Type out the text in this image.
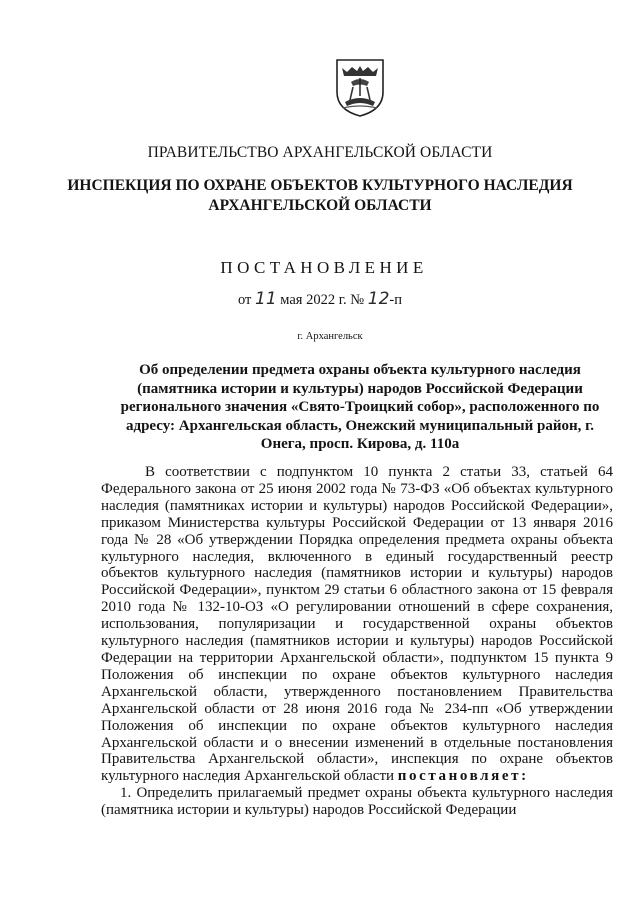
ПРАВИТЕЛЬСТВО АРХАНГЕЛЬСКОЙ ОБЛАСТИ
ИНСПЕКЦИЯ ПО ОХРАНЕ ОБЪЕКТОВ КУЛЬТУРНОГО НАСЛЕДИЯ
АРХАНГЕЛЬСКОЙ ОБЛАСТИ
ПОСТАНОВЛЕНИЕ
от 11 мая 2022 г. № 12-п
г. Архангельск
Об определении предмета охраны объекта культурного наследия (памятника истории и культуры) народов Российской Федерации регионального значения «Свято-Троицкий собор», расположенного по адресу: Архангельская область, Онежский муниципальный район, г. Онега, просп. Кирова, д. 110а

В соответствии с подпунктом 10 пункта 2 статьи 33, статьей 64 Федерального закона от 25 июня 2002 года № 73-ФЗ «Об объектах культурного наследия (памятниках истории и культуры) народов Российской Федерации», приказом Министерства культуры Российской Федерации от 13 января 2016 года № 28 «Об утверждении Порядка определения предмета охраны объекта культурного наследия, включенного в единый государственный реестр объектов культурного наследия (памятников истории и культуры) народов Российской Федерации», пунктом 29 статьи 6 областного закона от 15 февраля 2010 года № 132-10-ОЗ «О регулировании отношений в сфере сохранения, использования, популяризации и государственной охраны объектов культурного наследия (памятников истории и культуры) народов Российской Федерации на территории Архангельской области», подпунктом 15 пункта 9 Положения об инспекции по охране объектов культурного наследия Архангельской области, утвержденного постановлением Правительства Архангельской области от 28 июня 2016 года № 234-пп «Об утверждении Положения об инспекции по охране объектов культурного наследия Архангельской области и о внесении изменений в отдельные постановления Правительства Архангельской области», инспекция по охране объектов культурного наследия Архангельской области постановляет:

1. Определить прилагаемый предмет охраны объекта культурного наследия (памятника истории и культуры) народов Российской Федерации
